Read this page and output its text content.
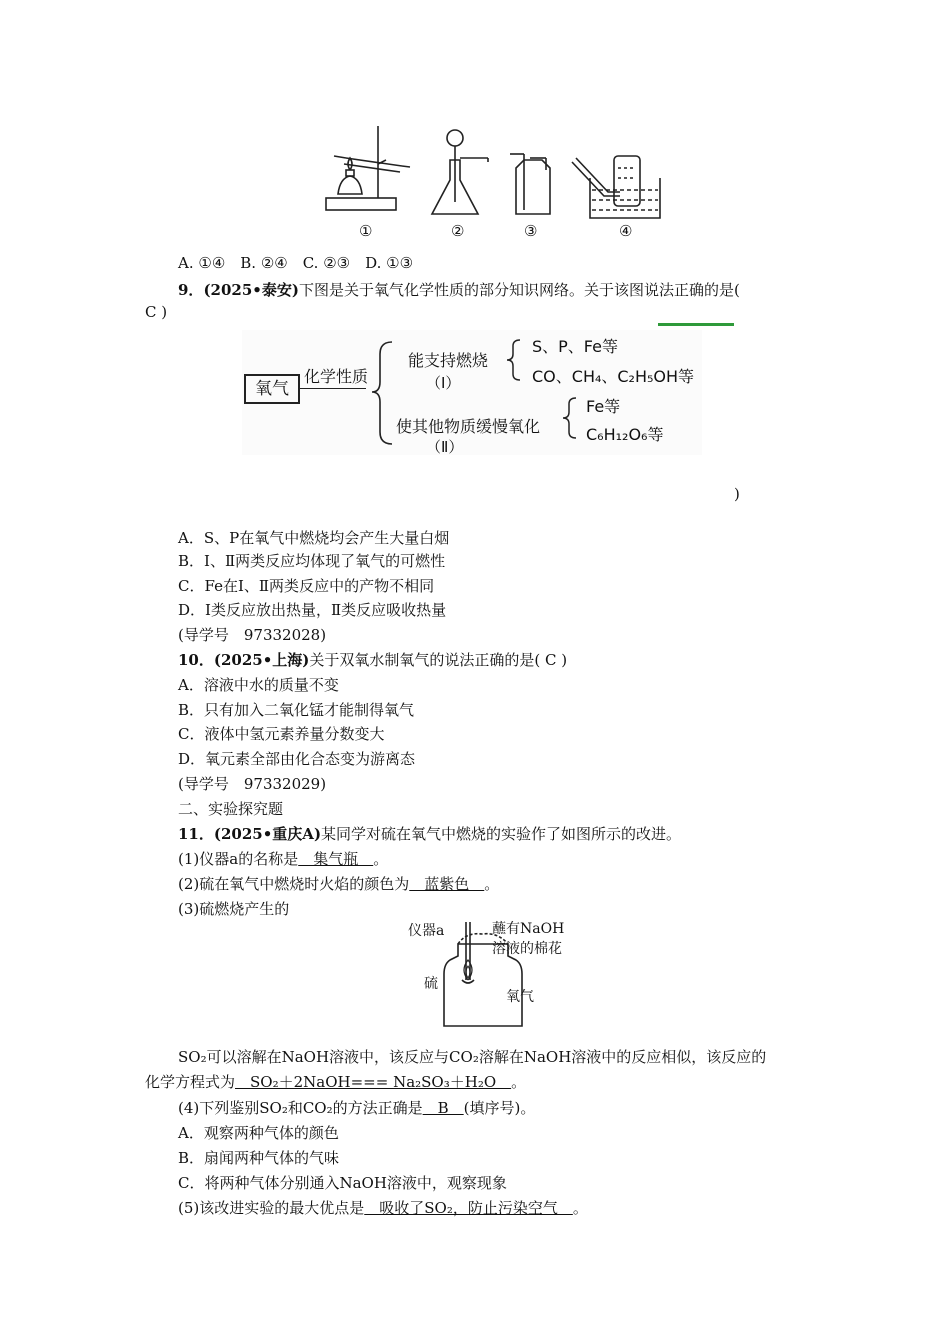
①	②	③	④
A. ①④　B. ②④　C. ②③　D. ①③
9．(2025•泰安)下图是关于氧气化学性质的部分知识网络。关于该图说法正确的是(
C )
氧气
化学性质
能支持燃烧
（Ⅰ）
S、P、Fe等
CO、CH₄、C₂H₅OH等
使其他物质缓慢氧化
（Ⅱ）
Fe等
C₆H₁₂O₆等
)
A．S、P在氧气中燃烧均会产生大量白烟
B．Ⅰ、Ⅱ两类反应均体现了氧气的可燃性
C．Fe在Ⅰ、Ⅱ两类反应中的产物不相同
D．Ⅰ类反应放出热量，Ⅱ类反应吸收热量
(导学号　97332028)
10．(2025•上海)关于双氧水制氧气的说法正确的是( C )
A．溶液中水的质量不变
B．只有加入二氧化锰才能制得氧气
C．液体中氢元素养量分数变大
D．氧元素全部由化合态变为游离态
(导学号　97332029)
二、实验探究题
11．(2025•重庆A)某同学对硫在氧气中燃烧的实验作了如图所示的改进。
(1)仪器a的名称是　集气瓶　。
(2)硫在氧气中燃烧时火焰的颜色为　蓝紫色　。
(3)硫燃烧产生的
仪器a	蘸有NaOH
溶液的棉花
硫
氧气
SO₂可以溶解在NaOH溶液中，该反应与CO₂溶解在NaOH溶液中的反应相似，该反应的
化学方程式为　SO₂＋2NaOH=== Na₂SO₃＋H₂O　。
(4)下列鉴别SO₂和CO₂的方法正确是　B　(填序号)。
A．观察两种气体的颜色
B．扇闻两种气体的气味
C．将两种气体分别通入NaOH溶液中，观察现象
(5)该改进实验的最大优点是　吸收了SO₂，防止污染空气　。
